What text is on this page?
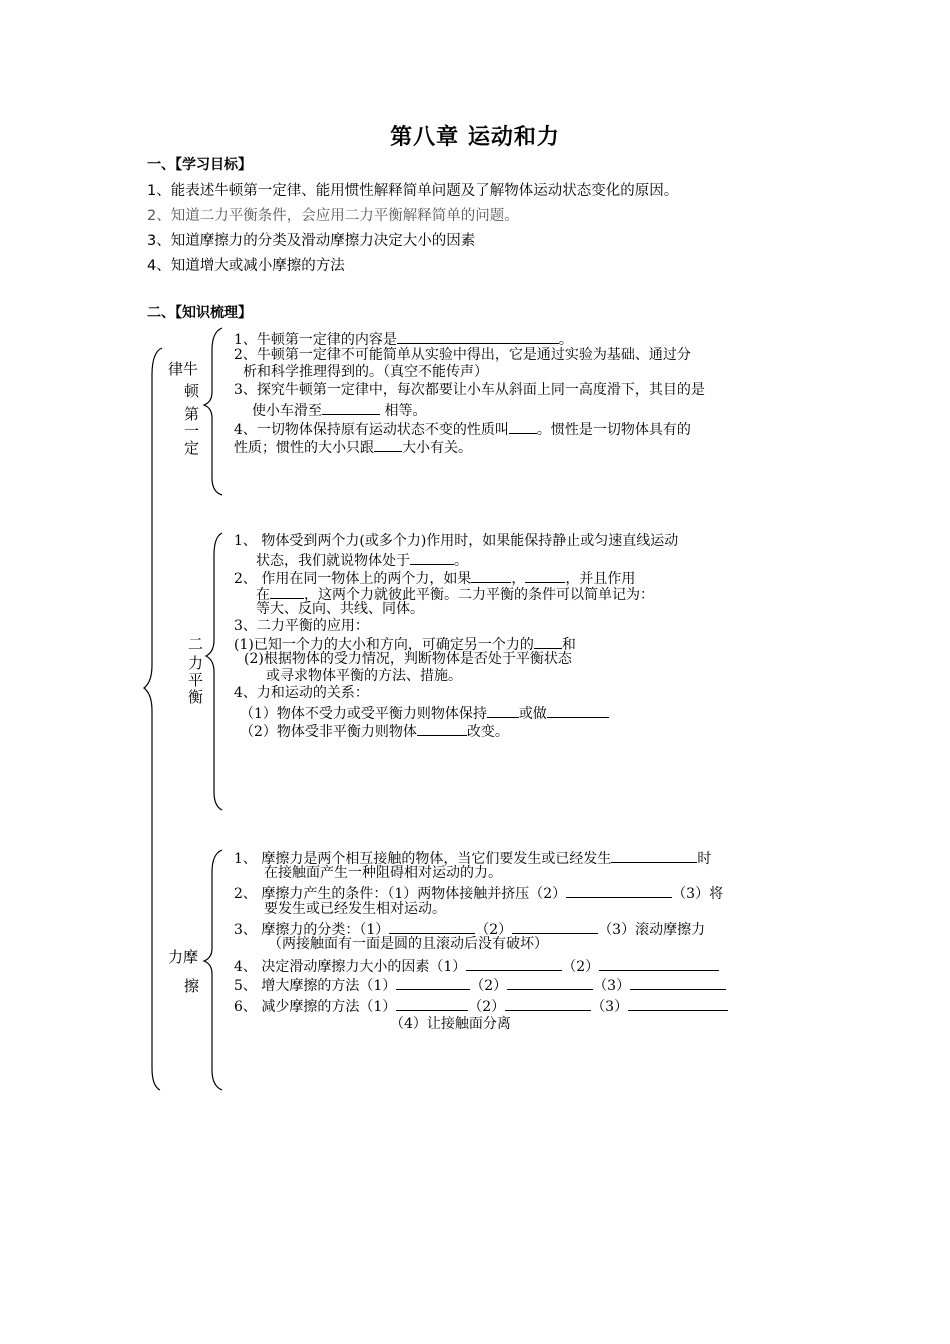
第八章 运动和力
一、【学习目标】
1、能表述牛顿第一定律、能用惯性解释简单问题及了解物体运动状态变化的原因。
2、知道二力平衡条件，会应用二力平衡解释简单的问题。
3、知道摩擦力的分类及滑动摩擦力决定大小的因素
4、知道增大或减小摩擦的方法
二、【知识梳理】
律牛
顿
第
一
定
1、牛顿第一定律的内容是	。
2、牛顿第一定律不可能简单从实验中得出，它是通过实验为基础、通过分
析和科学推理得到的。（真空不能传声）
3、探究牛顿第一定律中，每次都要让小车从斜面上同一高度滑下，其目的是
使小车滑至	相等。
4、一切物体保持原有运动状态不变的性质叫 。惯性是一切物体具有的
性质；惯性的大小只跟 大小有关。
二
力
平
衡
1、 物体受到两个力(或多个力)作用时，如果能保持静止或匀速直线运动
状态，我们就说物体处于	。
2、 作用在同一物体上的两个力，如果	，	，并且作用
在 ，这两个力就彼此平衡。二力平衡的条件可以简单记为：
等大、反向、共线、同体。
3、二力平衡的应用：
(1)已知一个力的大小和方向，可确定另一个力的 和
(2)根据物体的受力情况，判断物体是否处于平衡状态
或寻求物体平衡的方法、措施。
4、力和运动的关系：
（1）物体不受力或受平衡力则物体保持 或做
（2）物体受非平衡力则物体	改变。
力摩
擦
1、 摩擦力是两个相互接触的物体，当它们要发生或已经发生	时
在接触面产生一种阻碍相对运动的力。
2、 摩擦力产生的条件：（1）两物体接触并挤压（2）	（3）将
要发生或已经发生相对运动。
3、 摩擦力的分类：（1）	（2）	（3）滚动摩擦力
（两接触面有一面是圆的且滚动后没有破坏）
4、 决定滑动摩擦力大小的因素（1）	（2）
5、 增大摩擦的方法（1）	（2）	（3）
6、 减少摩擦的方法（1）	（2）	（3）
（4）让接触面分离
